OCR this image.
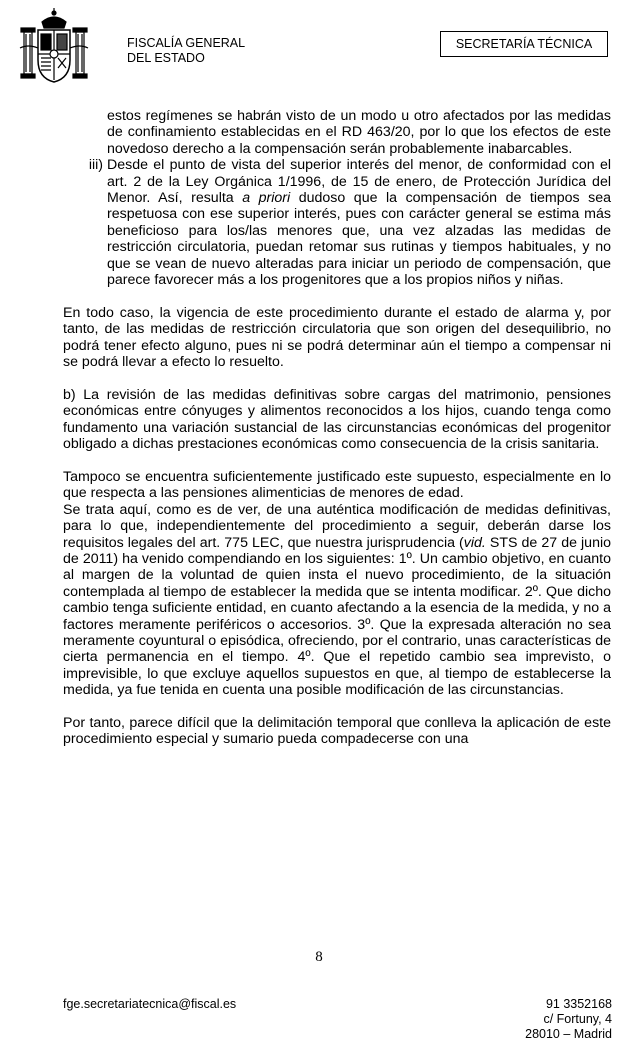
FISCALÍA GENERAL
DEL ESTADO
SECRETARÍA TÉCNICA

estos regímenes se habrán visto de un modo u otro afectados por las medidas de confinamiento establecidas en el RD 463/20, por lo que los efectos de este novedoso derecho a la compensación serán probablemente inabarcables.

iii) Desde el punto de vista del superior interés del menor, de conformidad con el art. 2 de la Ley Orgánica 1/1996, de 15 de enero, de Protección Jurídica del Menor. Así, resulta a priori dudoso que la compensación de tiempos sea respetuosa con ese superior interés, pues con carácter general se estima más beneficioso para los/las menores que, una vez alzadas las medidas de restricción circulatoria, puedan retomar sus rutinas y tiempos habituales, y no que se vean de nuevo alteradas para iniciar un periodo de compensación, que parece favorecer más a los progenitores que a los propios niños y niñas.

En todo caso, la vigencia de este procedimiento durante el estado de alarma y, por tanto, de las medidas de restricción circulatoria que son origen del desequilibrio, no podrá tener efecto alguno, pues ni se podrá determinar aún el tiempo a compensar ni se podrá llevar a efecto lo resuelto.

b) La revisión de las medidas definitivas sobre cargas del matrimonio, pensiones económicas entre cónyuges y alimentos reconocidos a los hijos, cuando tenga como fundamento una variación sustancial de las circunstancias económicas del progenitor obligado a dichas prestaciones económicas como consecuencia de la crisis sanitaria.

Tampoco se encuentra suficientemente justificado este supuesto, especialmente en lo que respecta a las pensiones alimenticias de menores de edad.

Se trata aquí, como es de ver, de una auténtica modificación de medidas definitivas, para lo que, independientemente del procedimiento a seguir, deberán darse los requisitos legales del art. 775 LEC, que nuestra jurisprudencia (vid. STS de 27 de junio de 2011) ha venido compendiando en los siguientes: 1º. Un cambio objetivo, en cuanto al margen de la voluntad de quien insta el nuevo procedimiento, de la situación contemplada al tiempo de establecer la medida que se intenta modificar. 2º. Que dicho cambio tenga suficiente entidad, en cuanto afectando a la esencia de la medida, y no a factores meramente periféricos o accesorios. 3º. Que la expresada alteración no sea meramente coyuntural o episódica, ofreciendo, por el contrario, unas características de cierta permanencia en el tiempo. 4º. Que el repetido cambio sea imprevisto, o imprevisible, lo que excluye aquellos supuestos en que, al tiempo de establecerse la medida, ya fue tenida en cuenta una posible modificación de las circunstancias.

Por tanto, parece difícil que la delimitación temporal que conlleva la aplicación de este procedimiento especial y sumario pueda compadecerse con una

8
fge.secretariatecnica@fiscal.es	91 3352168
c/ Fortuny, 4
28010 – Madrid
